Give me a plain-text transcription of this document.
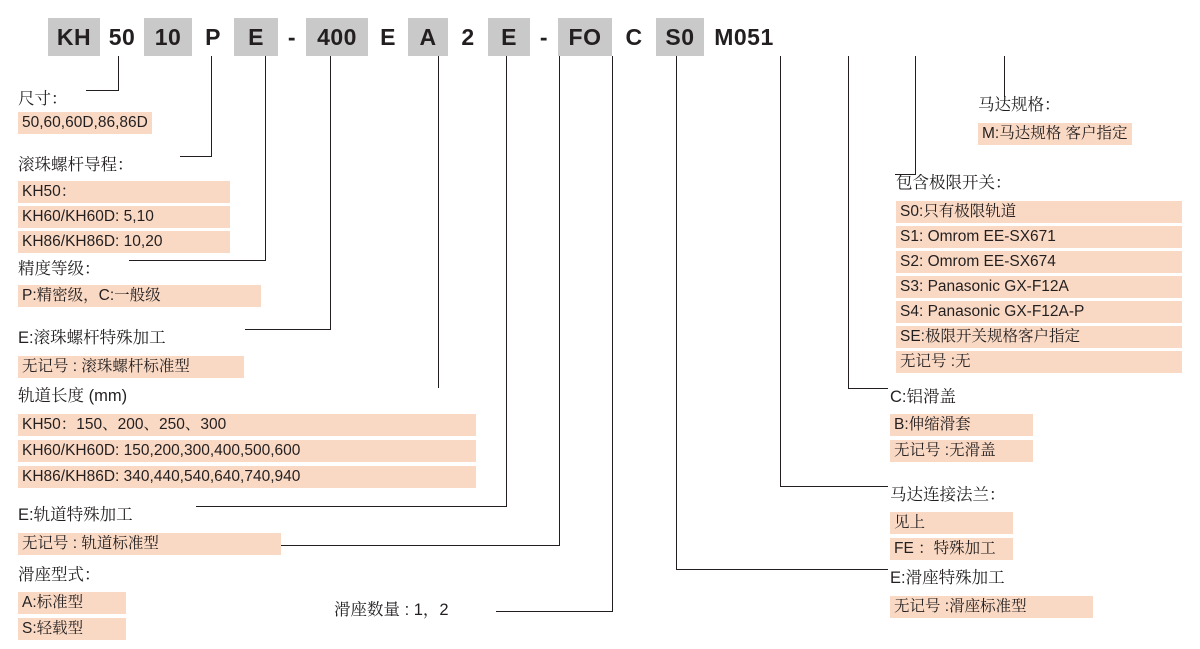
KH 50 10	P	E	- 400	E	A	2	E - FO	C S0 M051
尺寸：
50,60,60D,86,86D
滚珠螺杆导程：
KH50：
KH60/KH60D: 5,10
KH86/KH86D: 10,20
精度等级：
P:精密级，C:一般级
E:滚珠螺杆特殊加工
无记号 : 滚珠螺杆标准型
轨道长度 (mm)
KH50：150、200、250、300
KH60/KH60D: 150,200,300,400,500,600
KH86/KH86D: 340,440,540,640,740,940
E:轨道特殊加工
无记号 : 轨道标准型
滑座型式：
A:标准型
S:轻载型
滑座数量 : 1，2
马达规格：
M:马达规格 客户指定
包含极限开关：
S0:只有极限轨道
S1: Omrom EE-SX671
S2: Omrom EE-SX674
S3: Panasonic GX-F12A
S4: Panasonic GX-F12A-P
SE:极限开关规格客户指定
无记号 :无
C:铝滑盖
B:伸缩滑套
无记号 :无滑盖
马达连接法兰：
见上
FE ：特殊加工
E:滑座特殊加工
无记号 :滑座标准型
